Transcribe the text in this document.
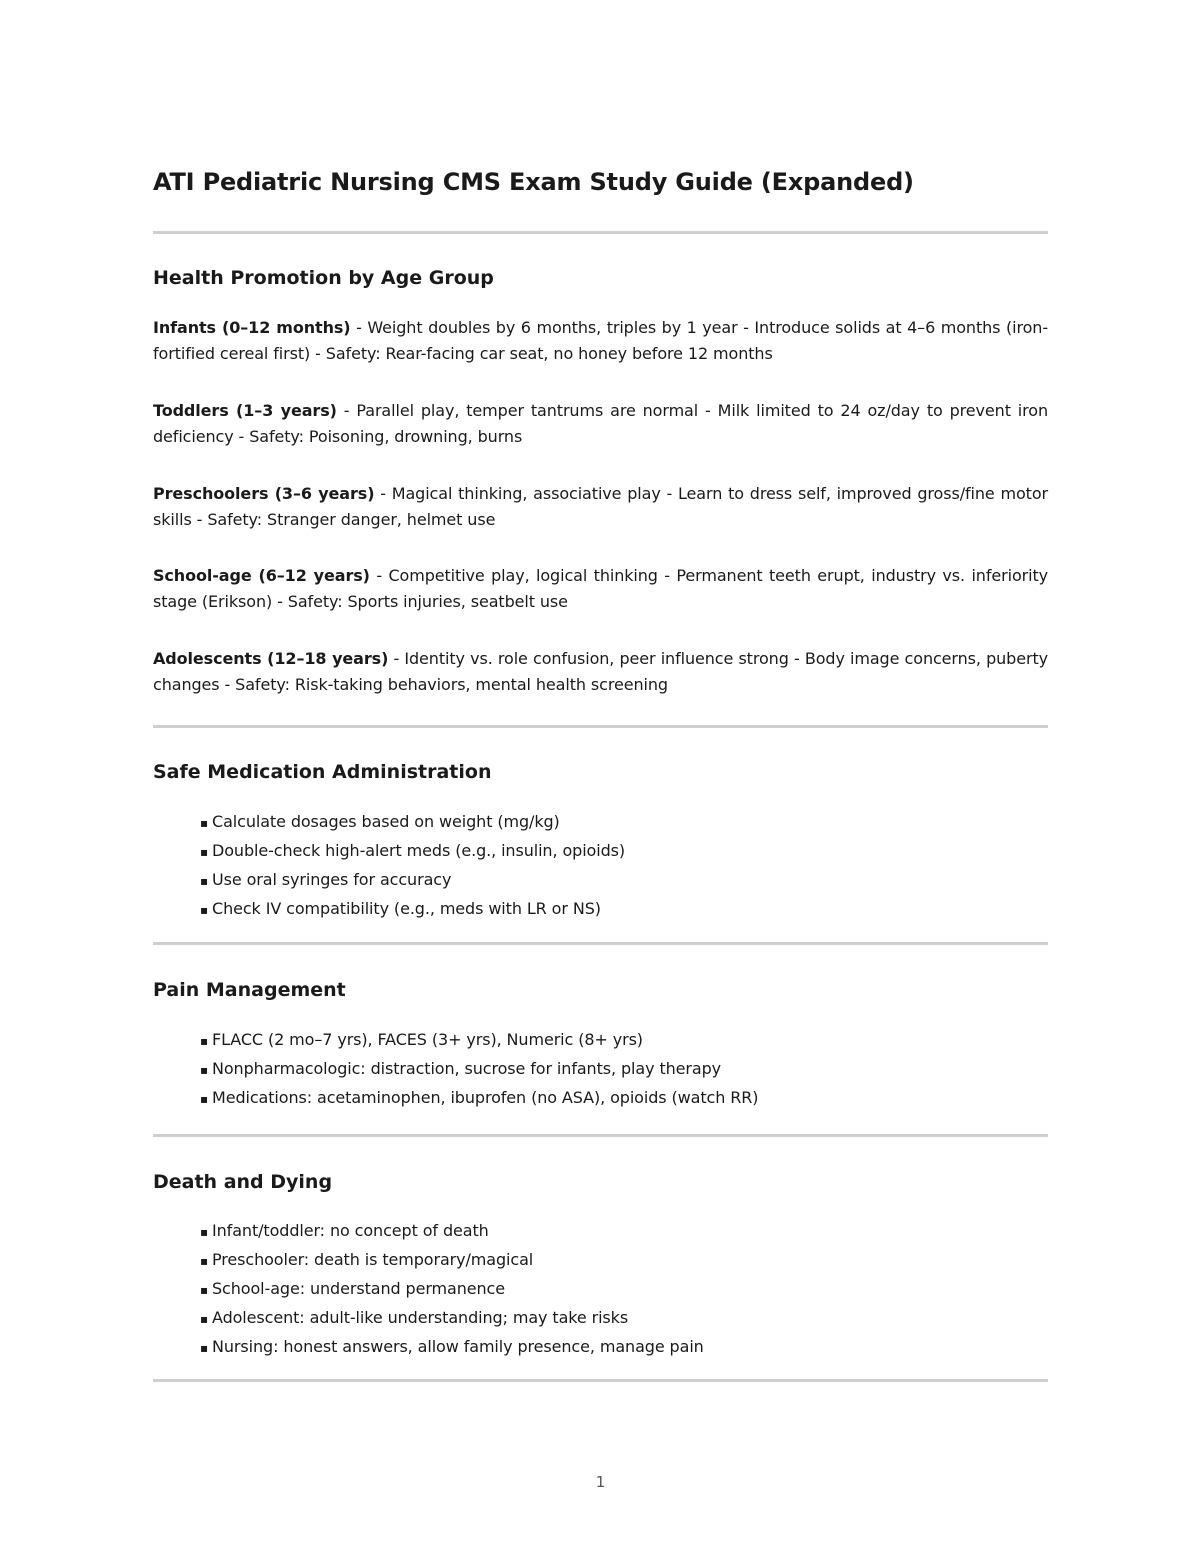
ATI Pediatric Nursing CMS Exam Study Guide (Expanded)
Health Promotion by Age Group

Infants (0–12 months) - Weight doubles by 6 months, triples by 1 year - Introduce solids at 4–6 months (iron-fortified cereal first) - Safety: Rear-facing car seat, no honey before 12 months

Toddlers (1–3 years) - Parallel play, temper tantrums are normal - Milk limited to 24 oz/day to prevent iron deficiency - Safety: Poisoning, drowning, burns

Preschoolers (3–6 years) - Magical thinking, associative play - Learn to dress self, improved gross/fine motor skills - Safety: Stranger danger, helmet use

School-age (6–12 years) - Competitive play, logical thinking - Permanent teeth erupt, industry vs. inferiority stage (Erikson) - Safety: Sports injuries, seatbelt use

Adolescents (12–18 years) - Identity vs. role confusion, peer influence strong - Body image concerns, puberty changes - Safety: Risk-taking behaviors, mental health screening

Safe Medication Administration
▪ Calculate dosages based on weight (mg/kg)
▪ Double-check high-alert meds (e.g., insulin, opioids)
▪ Use oral syringes for accuracy
▪ Check IV compatibility (e.g., meds with LR or NS)
Pain Management
▪ FLACC (2 mo–7 yrs), FACES (3+ yrs), Numeric (8+ yrs)
▪ Nonpharmacologic: distraction, sucrose for infants, play therapy
▪ Medications: acetaminophen, ibuprofen (no ASA), opioids (watch RR)
Death and Dying
▪ Infant/toddler: no concept of death
▪ Preschooler: death is temporary/magical
▪ School-age: understand permanence
▪ Adolescent: adult-like understanding; may take risks
▪ Nursing: honest answers, allow family presence, manage pain
1
